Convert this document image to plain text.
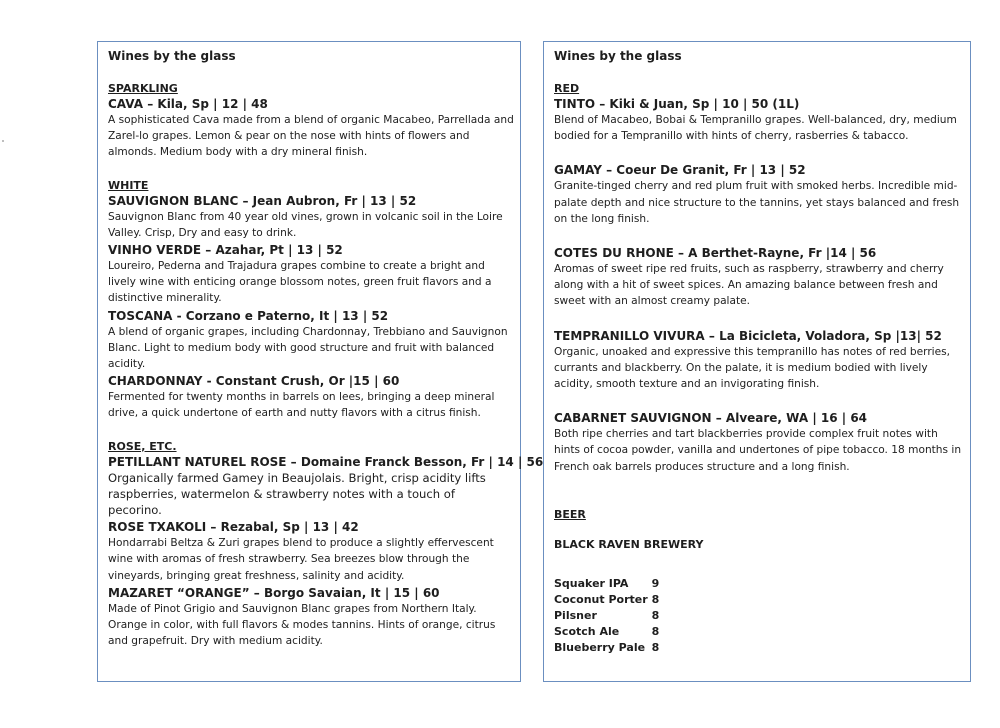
Wines by the glass
SPARKLING
CAVA – Kila, Sp | 12 | 48
A sophisticated Cava made from a blend of organic Macabeo, Parrellada and
Zarel-lo grapes. Lemon & pear on the nose with hints of flowers and
almonds. Medium body with a dry mineral finish.
WHITE
SAUVIGNON BLANC – Jean Aubron, Fr | 13 | 52
Sauvignon Blanc from 40 year old vines, grown in volcanic soil in the Loire
Valley. Crisp, Dry and easy to drink.
VINHO VERDE – Azahar, Pt | 13 | 52
Loureiro, Pederna and Trajadura grapes combine to create a bright and
lively wine with enticing orange blossom notes, green fruit flavors and a
distinctive minerality.
TOSCANA - Corzano e Paterno, It | 13 | 52
A blend of organic grapes, including Chardonnay, Trebbiano and Sauvignon
Blanc. Light to medium body with good structure and fruit with balanced
acidity.
CHARDONNAY - Constant Crush, Or |15 | 60
Fermented for twenty months in barrels on lees, bringing a deep mineral
drive, a quick undertone of earth and nutty flavors with a citrus finish.
ROSE, ETC.
PETILLANT NATUREL ROSE – Domaine Franck Besson, Fr | 14 | 56
Organically farmed Gamey in Beaujolais. Bright, crisp acidity lifts
raspberries, watermelon & strawberry notes with a touch of
pecorino.
ROSE TXAKOLI – Rezabal, Sp | 13 | 42
Hondarrabi Beltza & Zuri grapes blend to produce a slightly effervescent
wine with aromas of fresh strawberry. Sea breezes blow through the
vineyards, bringing great freshness, salinity and acidity.
MAZARET “ORANGE” – Borgo Savaian, It | 15 | 60
Made of Pinot Grigio and Sauvignon Blanc grapes from Northern Italy.
Orange in color, with full flavors & modes tannins. Hints of orange, citrus
and grapefruit. Dry with medium acidity.
Wines by the glass
RED
TINTO – Kiki & Juan, Sp | 10 | 50 (1L)
Blend of Macabeo, Bobai & Tempranillo grapes. Well-balanced, dry, medium
bodied for a Tempranillo with hints of cherry, rasberries & tabacco.
GAMAY – Coeur De Granit, Fr | 13 | 52
Granite-tinged cherry and red plum fruit with smoked herbs. Incredible mid-
palate depth and nice structure to the tannins, yet stays balanced and fresh
on the long finish.
COTES DU RHONE – A Berthet-Rayne, Fr |14 | 56
Aromas of sweet ripe red fruits, such as raspberry, strawberry and cherry
along with a hit of sweet spices. An amazing balance between fresh and
sweet with an almost creamy palate.
TEMPRANILLO VIVURA – La Bicicleta, Voladora, Sp |13| 52
Organic, unoaked and expressive this tempranillo has notes of red berries,
currants and blackberry. On the palate, it is medium bodied with lively
acidity, smooth texture and an invigorating finish.
CABARNET SAUVIGNON – Alveare, WA | 16 | 64
Both ripe cherries and tart blackberries provide complex fruit notes with
hints of cocoa powder, vanilla and undertones of pipe tobacco. 18 months in
French oak barrels produces structure and a long finish.
BEER
BLACK RAVEN BREWERY
Squaker IPA	9
Coconut Porter	8
Pilsner	8
Scotch Ale	8
Blueberry Pale	8
